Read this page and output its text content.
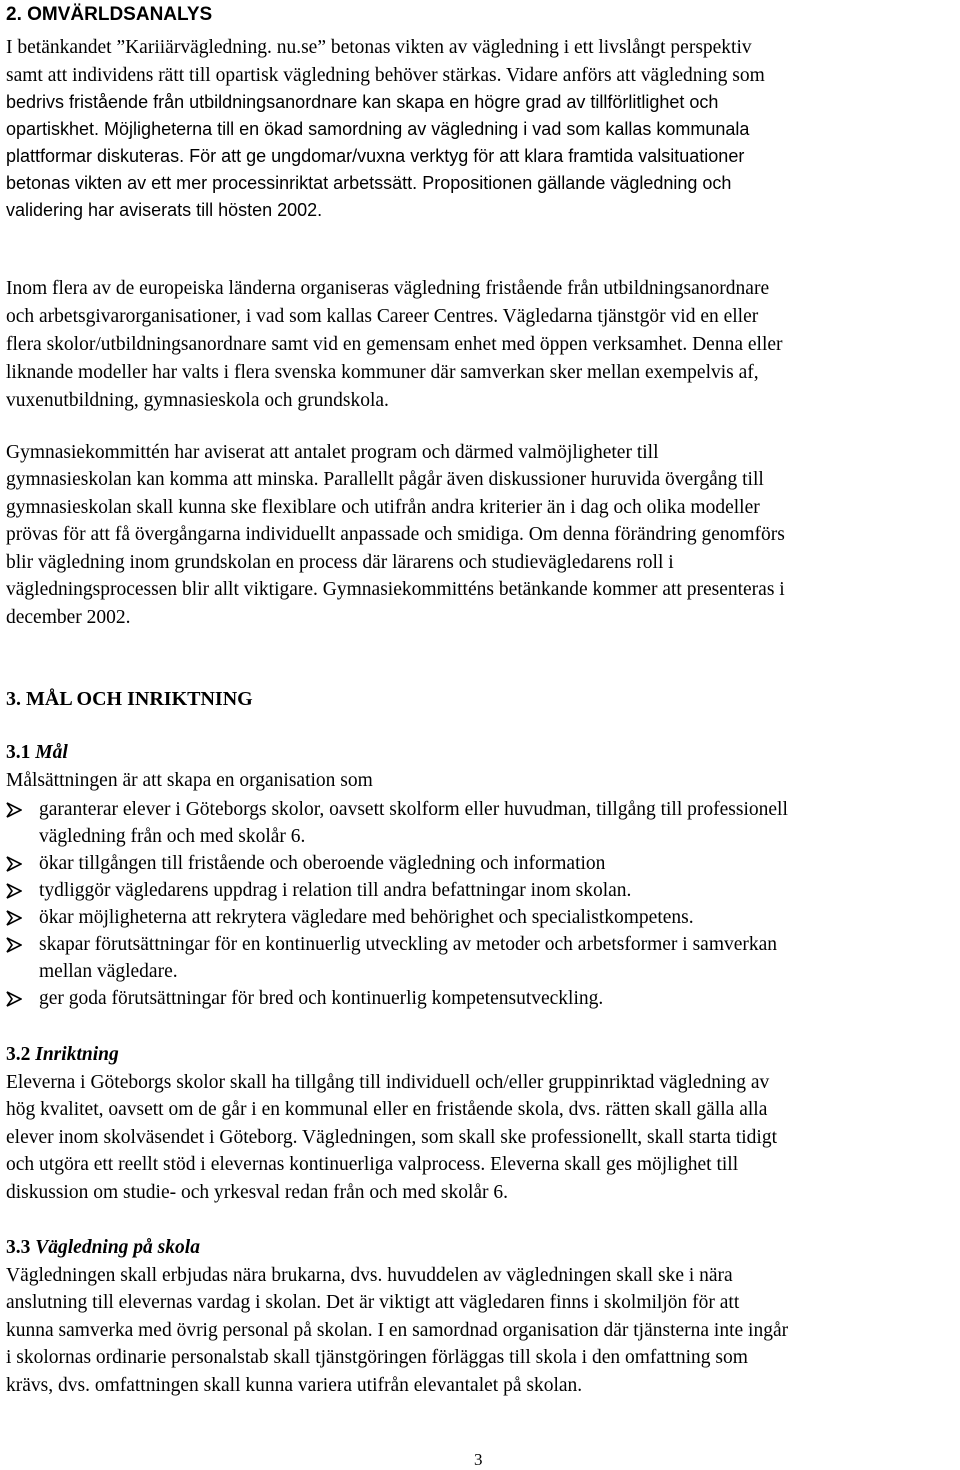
2. OMVÄRLDSANALYS
I betänkandet ”Kariiärvägledning. nu.se” betonas vikten av vägledning i ett livslångt perspektiv
samt att individens rätt till opartisk vägledning behöver stärkas. Vidare anförs att vägledning som
bedrivs fristående från utbildningsanordnare kan skapa en högre grad av tillförlitlighet och
opartiskhet. Möjligheterna till en ökad samordning av vägledning i vad som kallas kommunala
plattformar diskuteras. För att ge ungdomar/vuxna verktyg för att klara framtida valsituationer
betonas vikten av ett mer processinriktat arbetssätt. Propositionen gällande vägledning och
validering har aviserats till hösten 2002.
Inom flera av de europeiska länderna organiseras vägledning fristående från utbildningsanordnare
och arbetsgivarorganisationer, i vad som kallas Career Centres. Vägledarna tjänstgör vid en eller
flera skolor/utbildningsanordnare samt vid en gemensam enhet med öppen verksamhet. Denna eller
liknande modeller har valts i flera svenska kommuner där samverkan sker mellan exempelvis af,
vuxenutbildning, gymnasieskola och grundskola.
Gymnasiekommittén har aviserat att antalet program och därmed valmöjligheter till
gymnasieskolan kan komma att minska. Parallellt pågår även diskussioner huruvida övergång till
gymnasieskolan skall kunna ske flexiblare och utifrån andra kriterier än i dag och olika modeller
prövas för att få övergångarna individuellt anpassade och smidiga. Om denna förändring genomförs
blir vägledning inom grundskolan en process där lärarens och studievägledarens roll i
vägledningsprocessen blir allt viktigare. Gymnasiekommitténs betänkande kommer att presenteras i
december 2002.
3. MÅL OCH INRIKTNING
3.1 Mål
Målsättningen är att skapa en organisation som
garanterar elever i Göteborgs skolor, oavsett skolform eller huvudman, tillgång till professionell
vägledning från och med skolår 6.
ökar tillgången till fristående och oberoende vägledning och information
tydliggör vägledarens uppdrag i relation till andra befattningar inom skolan.
ökar möjligheterna att rekrytera vägledare med behörighet och specialistkompetens.
skapar förutsättningar för en kontinuerlig utveckling av metoder och arbetsformer i samverkan
mellan vägledare.
ger goda förutsättningar för bred och kontinuerlig kompetensutveckling.
3.2 Inriktning
Eleverna i Göteborgs skolor skall ha tillgång till individuell och/eller gruppinriktad vägledning av
hög kvalitet, oavsett om de går i en kommunal eller en fristående skola, dvs. rätten skall gälla alla
elever inom skolväsendet i Göteborg. Vägledningen, som skall ske professionellt, skall starta tidigt
och utgöra ett reellt stöd i elevernas kontinuerliga valprocess. Eleverna skall ges möjlighet till
diskussion om studie- och yrkesval redan från och med skolår 6.
3.3 Vägledning på skola
Vägledningen skall erbjudas nära brukarna, dvs. huvuddelen av vägledningen skall ske i nära
anslutning till elevernas vardag i skolan. Det är viktigt att vägledaren finns i skolmiljön för att
kunna samverka med övrig personal på skolan. I en samordnad organisation där tjänsterna inte ingår
i skolornas ordinarie personalstab skall tjänstgöringen förläggas till skola i den omfattning som
krävs, dvs. omfattningen skall kunna variera utifrån elevantalet på skolan.
3
